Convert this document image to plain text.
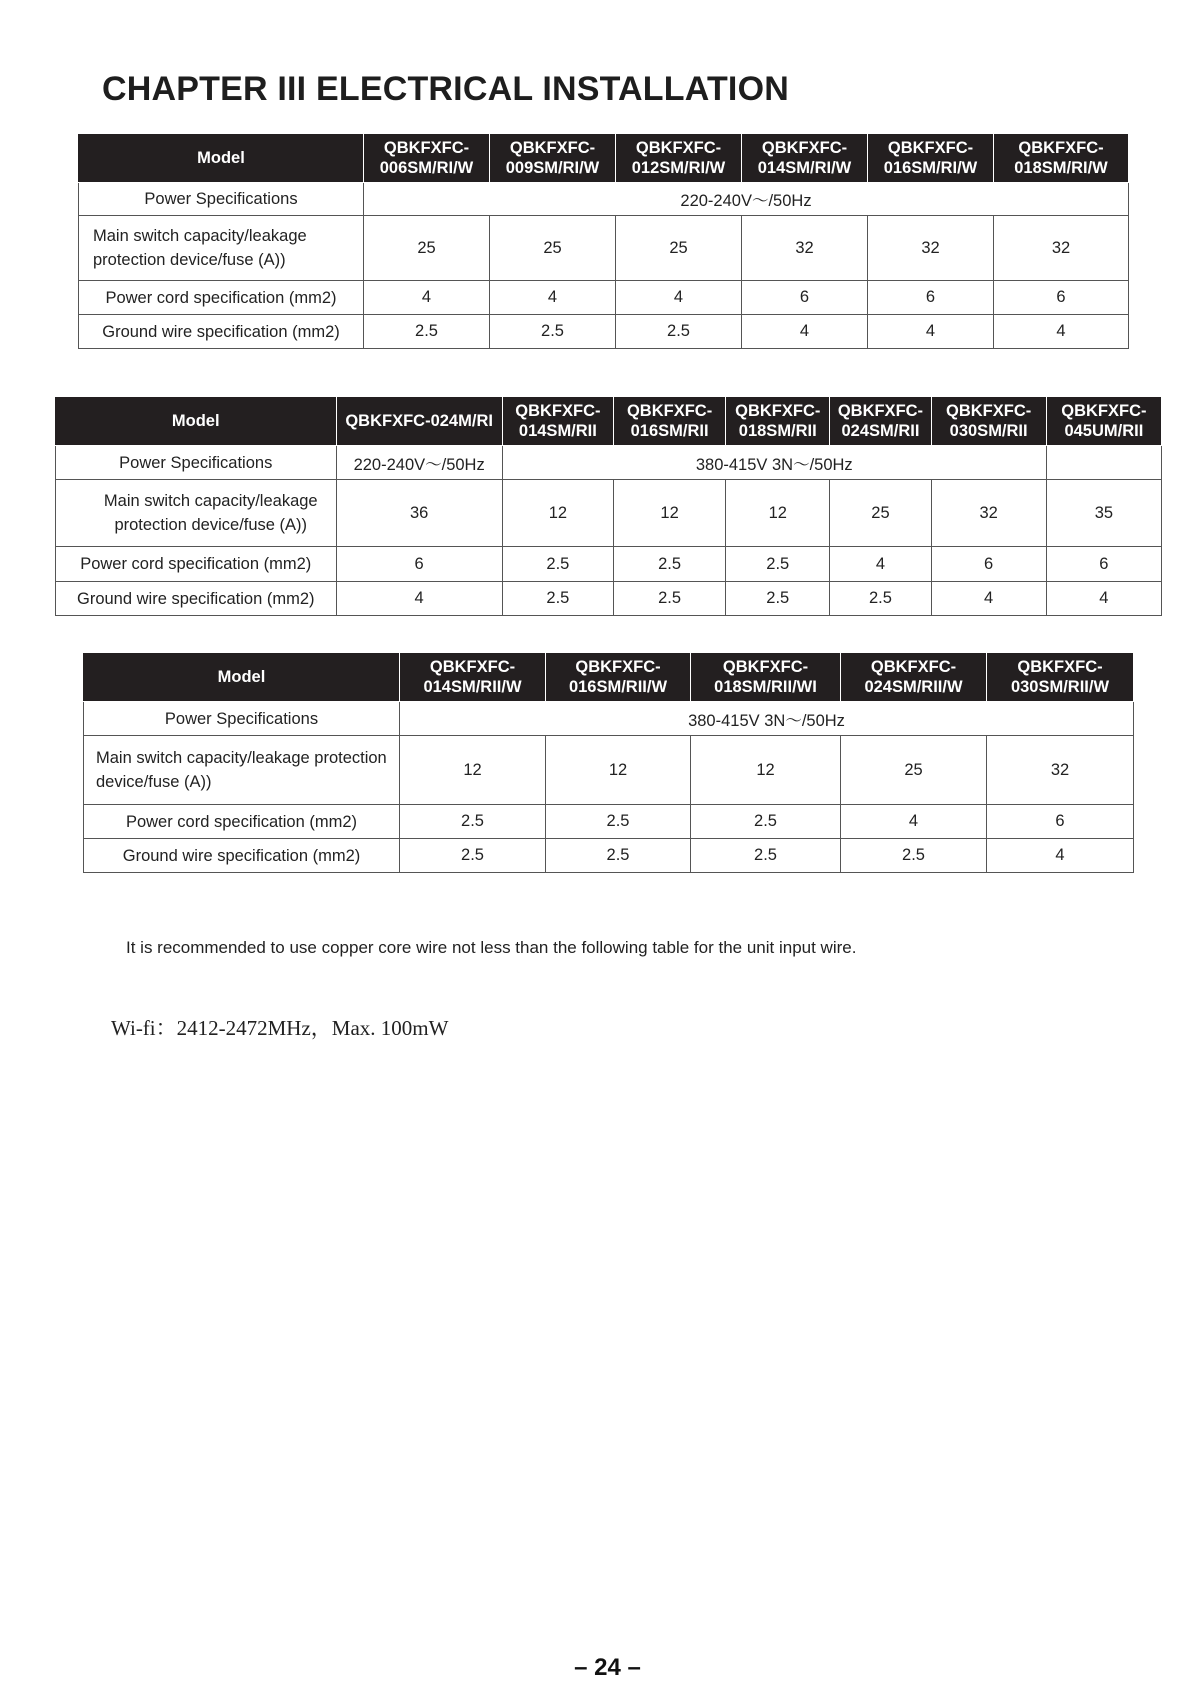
CHAPTER III ELECTRICAL INSTALLATION
Model	QBKFXFC-006SM/RI/W	QBKFXFC-009SM/RI/W	QBKFXFC-012SM/RI/W	QBKFXFC-014SM/RI/W	QBKFXFC-016SM/RI/W	QBKFXFC-018SM/RI/W
Power Specifications	220-240V～/50Hz					
Main switch capacity/leakage protection device/fuse (A))	25	25	25	32	32	32
Power cord specification (mm2)	4	4	4	6	6	6
Ground wire specification (mm2)	2.5	2.5	2.5	4	4	4
Model	QBKFXFC-024M/RI	QBKFXFC-014SM/RII	QBKFXFC-016SM/RII	QBKFXFC-018SM/RII	QBKFXFC-024SM/RII	QBKFXFC-030SM/RII	QBKFXFC-045UM/RII
Power Specifications	220-240V～/50Hz	380-415V 3N～/50Hz					
Main switch capacity/leakage protection device/fuse (A))	36	12	12	12	25	32	35
Power cord specification (mm2)	6	2.5	2.5	2.5	4	6	6
Ground wire specification (mm2)	4	2.5	2.5	2.5	2.5	4	4
Model	QBKFXFC-014SM/RII/W	QBKFXFC-016SM/RII/W	QBKFXFC-018SM/RII/WI	QBKFXFC-024SM/RII/W	QBKFXFC-030SM/RII/W
Power Specifications	380-415V 3N～/50Hz				
Main switch capacity/leakage protection device/fuse (A))	12	12	12	25	32
Power cord specification (mm2)	2.5	2.5	2.5	4	6
Ground wire specification (mm2)	2.5	2.5	2.5	2.5	4
It is recommended to use copper core wire not less than the following table for the unit input wire.
Wi-fi：2412-2472MHz，Max. 100mW
– 24 –
